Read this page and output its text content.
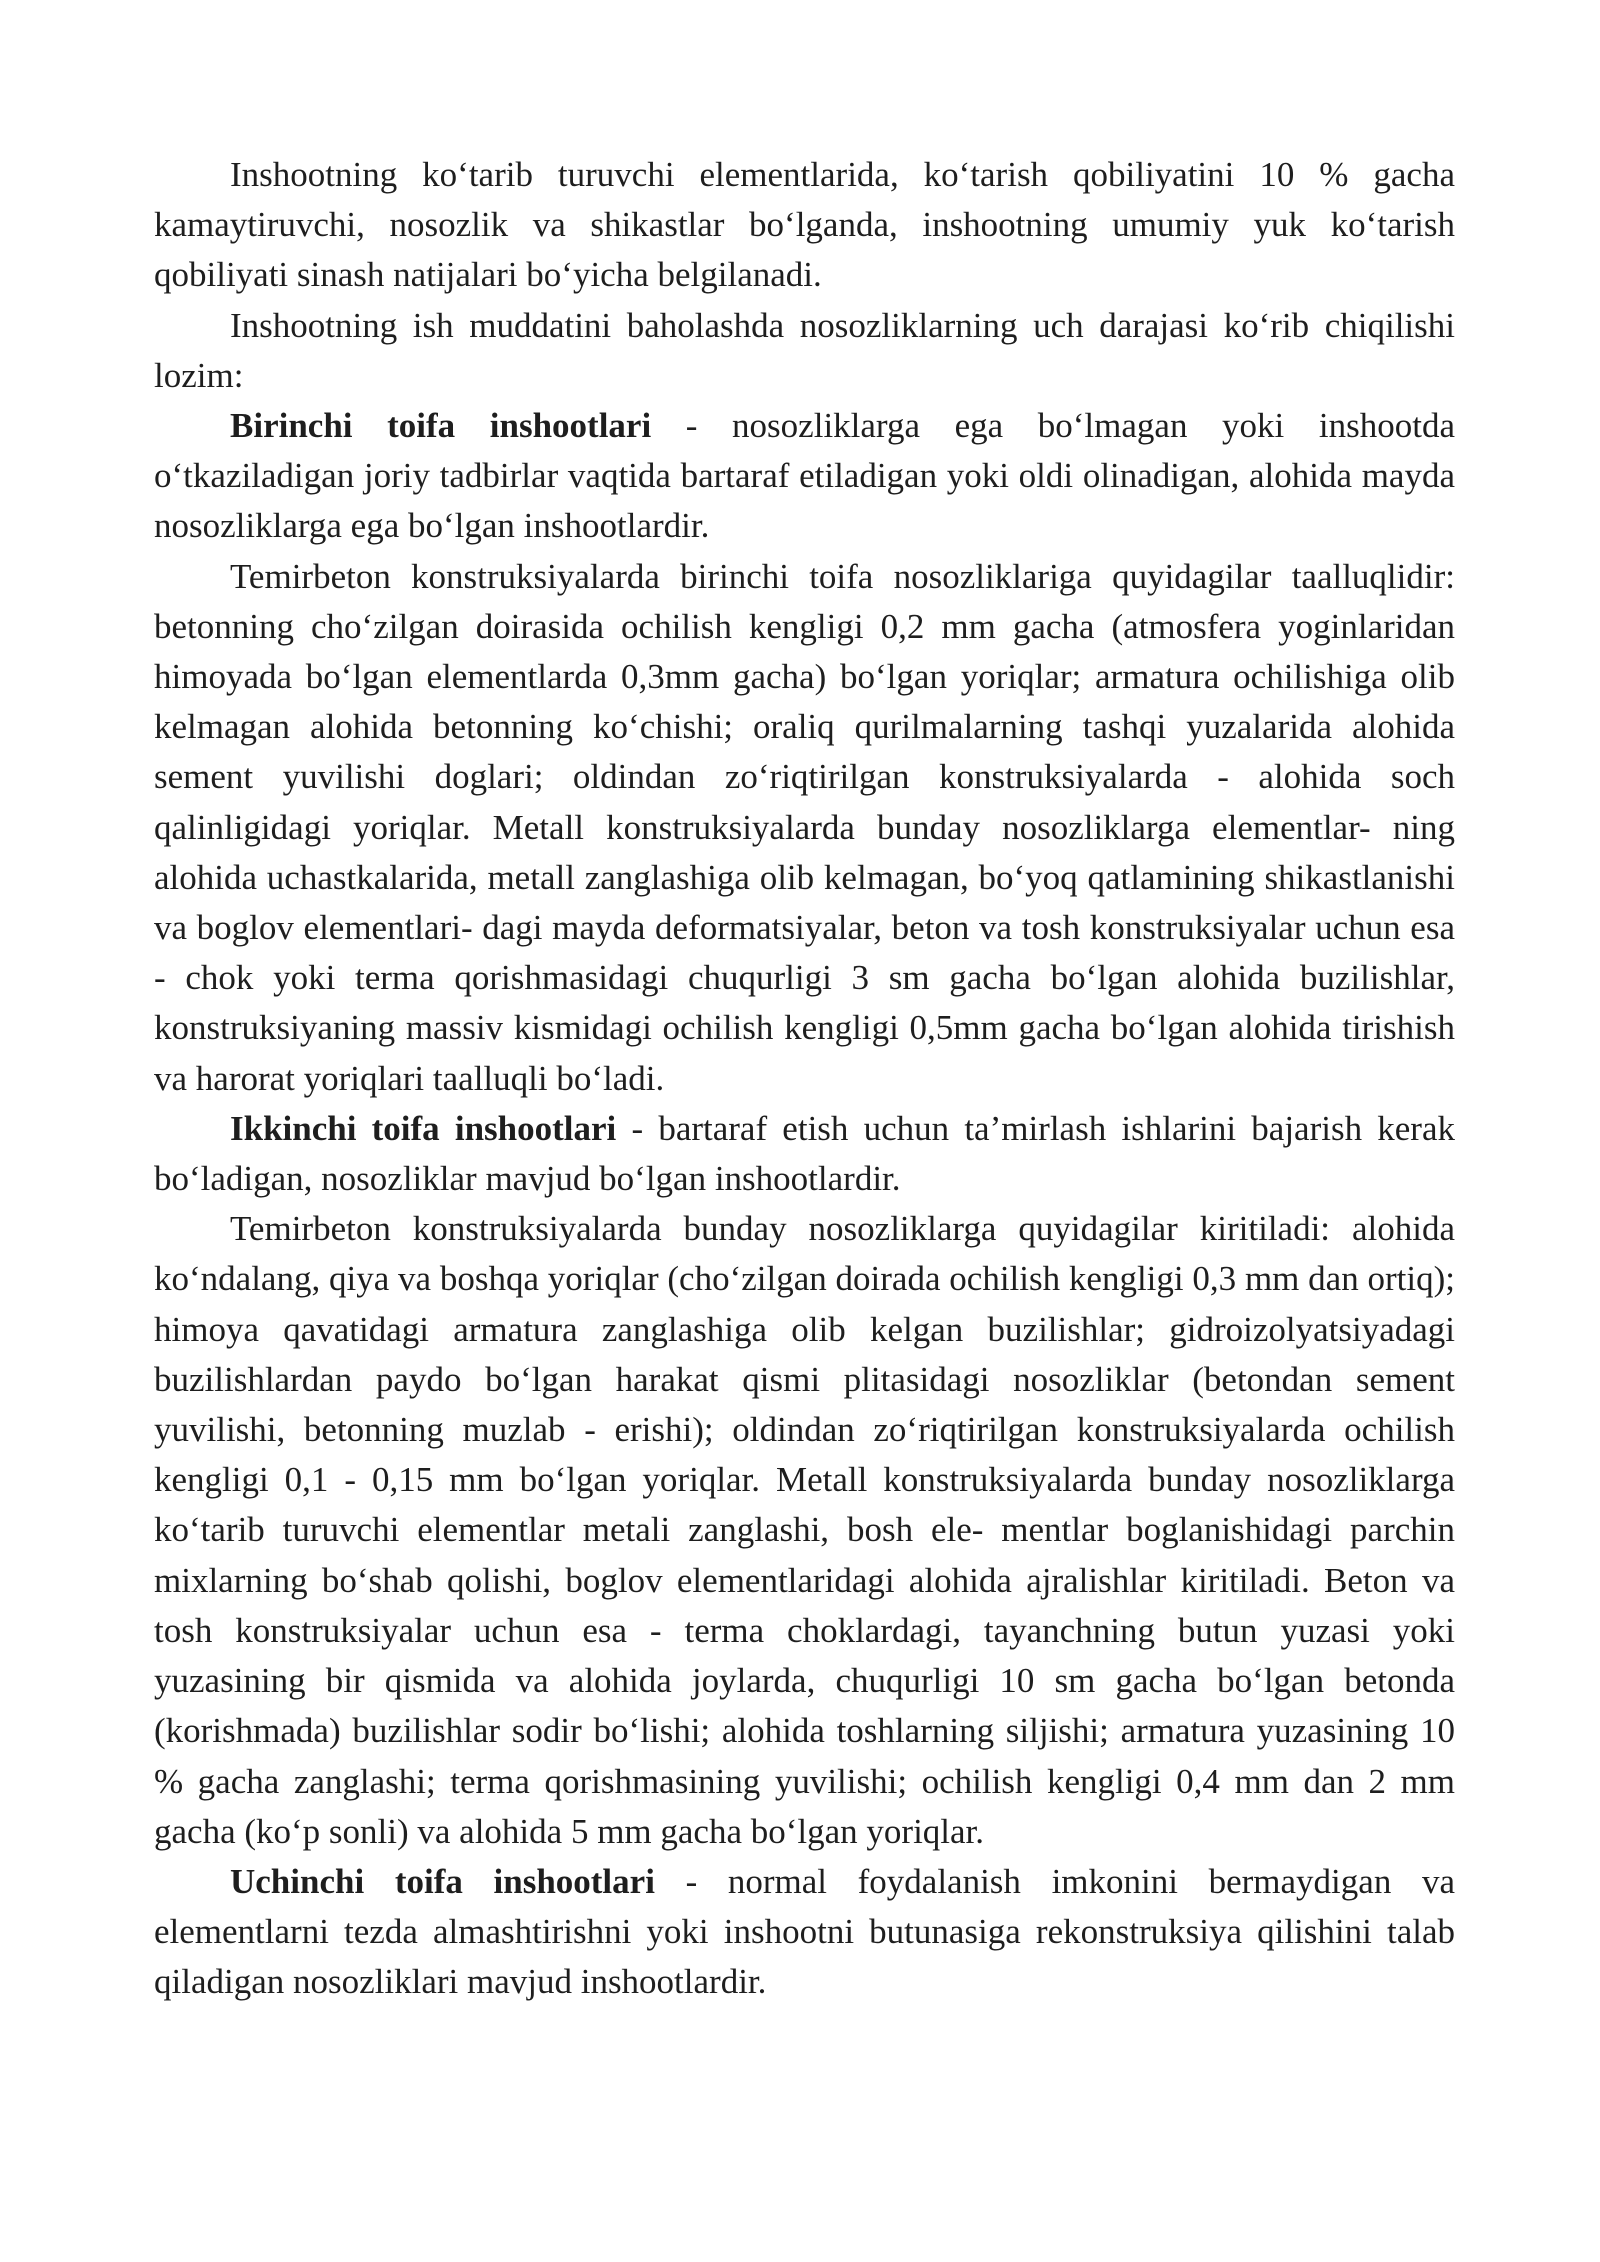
Inshootning ko‘tarib turuvchi elementlarida, ko‘tarish qobiliyatini 10 % gacha kamaytiruvchi, nosozlik va shikastlar bo‘lganda, inshootning umumiy yuk ko‘tarish qobiliyati sinash natijalari bo‘yicha belgilanadi.

Inshootning ish muddatini baholashda nosozliklarning uch darajasi ko‘rib chiqilishi lozim:

Birinchi toifa inshootlari - nosozliklarga ega bo‘lmagan yoki inshootda o‘tkaziladigan joriy tadbirlar vaqtida bartaraf etiladigan yoki oldi olinadigan, alohida mayda nosozliklarga ega bo‘lgan inshootlardir.

Temirbeton konstruksiyalarda birinchi toifa nosozliklariga quyidagilar taalluqlidir: betonning cho‘zilgan doirasida ochilish kengligi 0,2 mm gacha (atmosfera yoginlaridan himoyada bo‘lgan elementlarda 0,3mm gacha) bo‘lgan yoriqlar; armatura ochilishiga olib kelmagan alohida betonning ko‘chishi; oraliq qurilmalarning tashqi yuzalarida alohida sement yuvilishi doglari; oldindan zo‘riqtirilgan konstruksiyalarda - alohida soch qalinligidagi yoriqlar. Metall konstruksiyalarda bunday nosozliklarga elementlar- ning alohida uchastkalarida, metall zanglashiga olib kelmagan, bo‘yoq qatlamining shikastlanishi va boglov elementlari- dagi mayda deformatsiyalar, beton va tosh konstruksiyalar uchun esa - chok yoki terma qorishmasidagi chuqurligi 3 sm gacha bo‘lgan alohida buzilishlar, konstruksiyaning massiv kismidagi ochilish kengligi 0,5mm gacha bo‘lgan alohida tirishish va harorat yoriqlari taalluqli bo‘ladi.

Ikkinchi toifa inshootlari - bartaraf etish uchun ta’mirlash ishlarini bajarish kerak bo‘ladigan, nosozliklar mavjud bo‘lgan inshootlardir.

Temirbeton konstruksiyalarda bunday nosozliklarga quyidagilar kiritiladi: alohida ko‘ndalang, qiya va boshqa yoriqlar (cho‘zilgan doirada ochilish kengligi 0,3 mm dan ortiq); himoya qavatidagi armatura zanglashiga olib kelgan buzilishlar; gidroizolyatsiyadagi buzilishlardan paydo bo‘lgan harakat qismi plitasidagi nosozliklar (betondan sement yuvilishi, betonning muzlab - erishi); oldindan zo‘riqtirilgan konstruksiyalarda ochilish kengligi 0,1 - 0,15 mm bo‘lgan yoriqlar. Metall konstruksiyalarda bunday nosozliklarga ko‘tarib turuvchi elementlar metali zanglashi, bosh ele- mentlar boglanishidagi parchin mixlarning bo‘shab qolishi, boglov elementlaridagi alohida ajralishlar kiritiladi. Beton va tosh konstruksiyalar uchun esa - terma choklardagi, tayanchning butun yuzasi yoki yuzasining bir qismida va alohida joylarda, chuqurligi 10 sm gacha bo‘lgan betonda (korishmada) buzilishlar sodir bo‘lishi; alohida toshlarning siljishi; armatura yuzasining 10 % gacha zanglashi; terma qorishmasining yuvilishi; ochilish kengligi 0,4 mm dan 2 mm gacha (ko‘p sonli) va alohida 5 mm gacha bo‘lgan yoriqlar.

Uchinchi toifa inshootlari - normal foydalanish imkonini bermaydigan va elementlarni tezda almashtirishni yoki inshootni butunasiga rekonstruksiya qilishini talab qiladigan nosozliklari mavjud inshootlardir.
